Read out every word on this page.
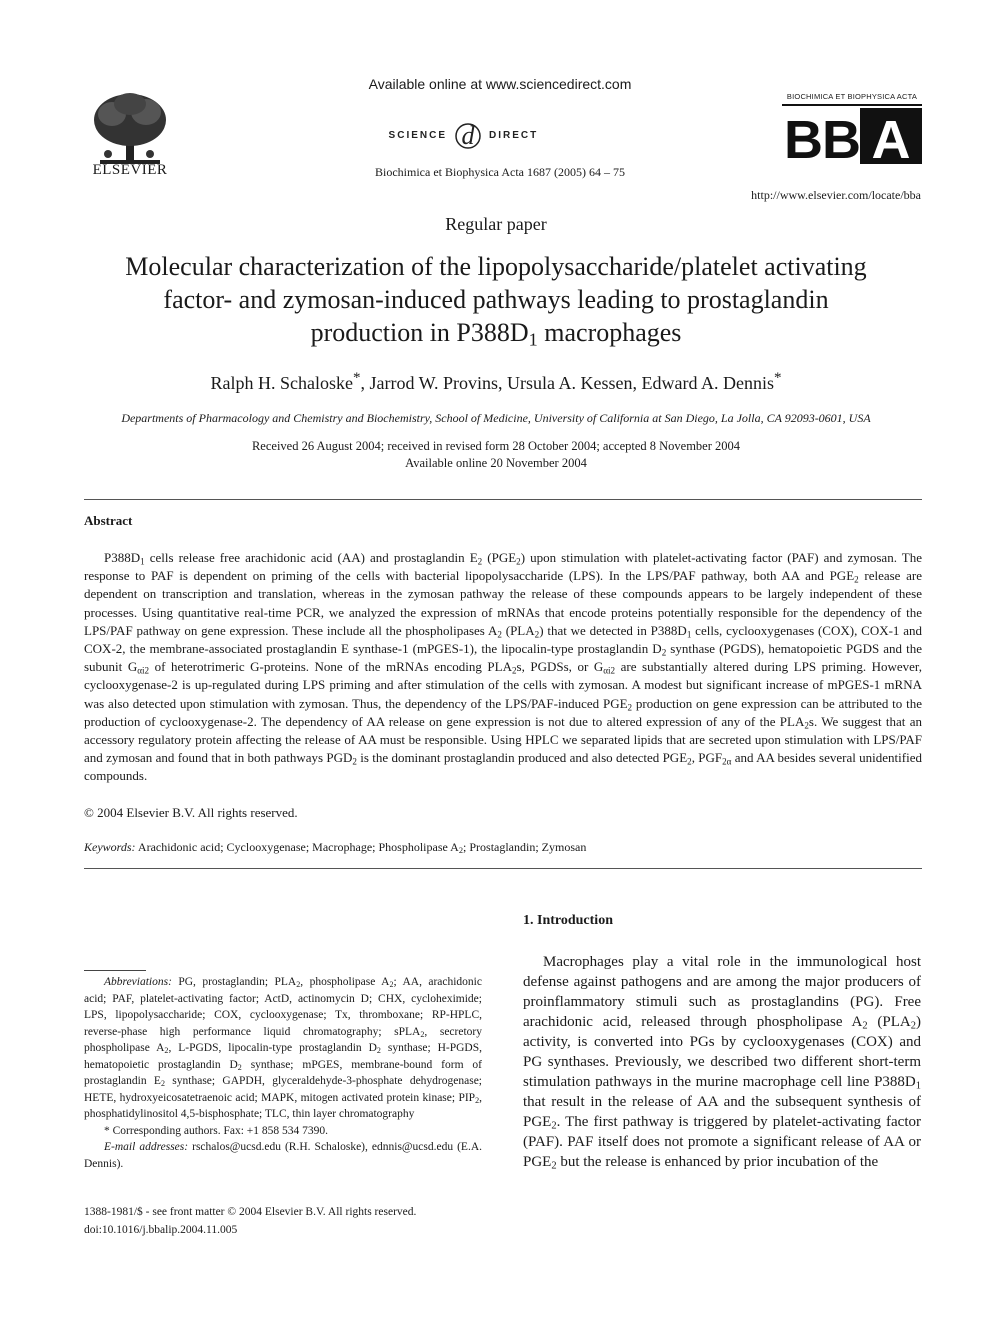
ELSEVIER
Available online at www.sciencedirect.com
SCIENCE d DIRECT
Biochimica et Biophysica Acta 1687 (2005) 64 – 75
BIOCHIMICA ET BIOPHYSICA ACTA
BB A
http://www.elsevier.com/locate/bba
Regular paper
Molecular characterization of the lipopolysaccharide/platelet activating
factor- and zymosan-induced pathways leading to prostaglandin
production in $P388D_1$ macrophages
Ralph H. Schaloske*, Jarrod W. Provins, Ursula A. Kessen, Edward A. Dennis*
Departments of Pharmacology and Chemistry and Biochemistry, School of Medicine, University of California at San Diego, La Jolla, CA 92093-0601, USA
Received 26 August 2004; received in revised form 28 October 2004; accepted 8 November 2004
Available online 20 November 2004
Abstract

$P388D_1$ cells release free arachidonic acid (AA) and prostaglandin $E_2$ $(PGE_2)$ upon stimulation with platelet-activating factor (PAF) and zymosan. The response to PAF is dependent on priming of the cells with bacterial lipopolysaccharide (LPS). In the LPS/PAF pathway, both AA and $PGE_2$ release are dependent on transcription and translation, whereas in the zymosan pathway the release of these compounds appears to be largely independent of these processes. Using quantitative real-time PCR, we analyzed the expression of mRNAs that encode proteins potentially responsible for the dependency of the LPS/PAF pathway on gene expression. These include all the phospholipases $A_2$ $(PLA_2)$ that we detected in $P388D_1$ cells, cyclooxygenases (COX), COX-1 and COX-2, the membrane-associated prostaglandin E synthase-1 (mPGES-1), the lipocalin-type prostaglandin $D_2$ synthase (PGDS), hematopoietic PGDS and the subunit $G_{\alpha i2}$ of heterotrimeric G-proteins. None of the mRNAs encoding $PLA_2s$, PGDSs, or $G_{\alpha i2}$ are substantially altered during LPS priming. However, cyclooxygenase-2 is up-regulated during LPS priming and after stimulation of the cells with zymosan. A modest but significant increase of mPGES-1 mRNA was also detected upon stimulation with zymosan. Thus, the dependency of the LPS/PAF-induced $PGE_2$ production on gene expression can be attributed to the production of cyclooxygenase-2. The dependency of AA release on gene expression is not due to altered expression of any of the $PLA_2s$. We suggest that an accessory regulatory protein affecting the release of AA must be responsible. Using HPLC we separated lipids that are secreted upon stimulation with LPS/PAF and zymosan and found that in both pathways $PGD_2$ is the dominant prostaglandin produced and also detected $PGE_2$, $PGF_{2\alpha}$ and AA besides several unidentified compounds.

© 2004 Elsevier B.V. All rights reserved.
Keywords: Arachidonic acid; Cyclooxygenase; Macrophage; Phospholipase $A_2$; Prostaglandin; Zymosan

Abbreviations: PG, prostaglandin; $PLA_2$, phospholipase $A_2$; AA, arachidonic acid; PAF, platelet-activating factor; ActD, actinomycin D; CHX, cycloheximide; LPS, lipopolysaccharide; COX, cyclooxygenase; Tx, thromboxane; RP-HPLC, reverse-phase high performance liquid chromatography; sPLA$_2$, secretory phospholipase $A_2$, L-PGDS, lipocalin-type prostaglandin $D_2$ synthase; H-PGDS, hematopoietic prostaglandin $D_2$ synthase; mPGES, membrane-bound form of prostaglandin $E_2$ synthase; GAPDH, glyceraldehyde-3-phosphate dehydrogenase; HETE, hydroxyeicosatetraenoic acid; MAPK, mitogen activated protein kinase; $PIP_2$, phosphatidylinositol 4,5-bisphosphate; TLC, thin layer chromatography

* Corresponding authors. Fax: +1 858 534 7390.

E-mail addresses: rschalos@ucsd.edu (R.H. Schaloske), ednnis@ucsd.edu (E.A. Dennis).

1388-1981/$ - see front matter © 2004 Elsevier B.V. All rights reserved.
doi:10.1016/j.bbalip.2004.11.005
1. Introduction

Macrophages play a vital role in the immunological host defense against pathogens and are among the major producers of proinflammatory stimuli such as prostaglandins (PG). Free arachidonic acid, released through phospholipase $A_2$ $(PLA_2)$ activity, is converted into PGs by cyclooxygenases (COX) and PG synthases. Previously, we described two different short-term stimulation pathways in the murine macrophage cell line $P388D_1$ that result in the release of AA and the subsequent synthesis of $PGE_2$. The first pathway is triggered by platelet-activating factor (PAF). PAF itself does not promote a significant release of AA or $PGE_2$ but the release is enhanced by prior incubation of the
